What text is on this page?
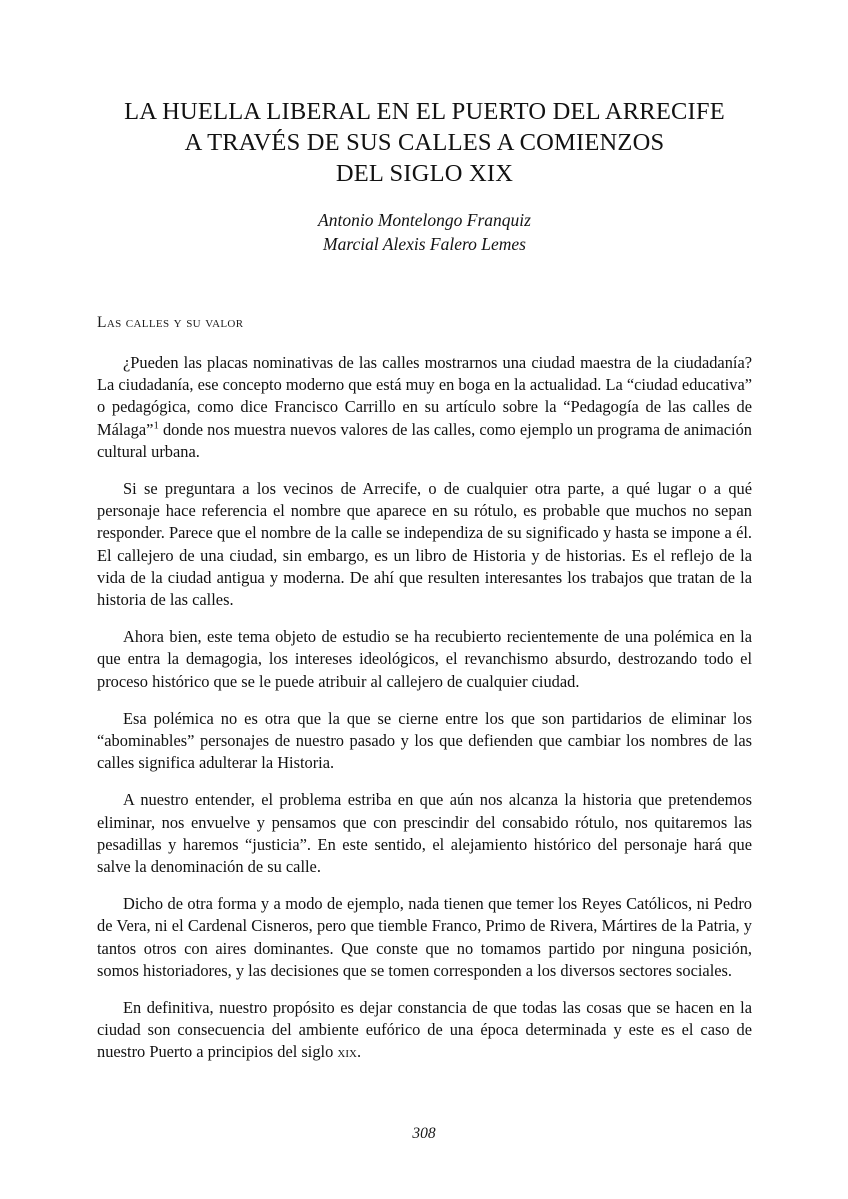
LA HUELLA LIBERAL EN EL PUERTO DEL ARRECIFE
A TRAVÉS DE SUS CALLES A COMIENZOS
DEL SIGLO XIX
Antonio Montelongo Franquiz
Marcial Alexis Falero Lemes
Las calles y su valor

¿Pueden las placas nominativas de las calles mostrarnos una ciudad maestra de la ciudadanía? La ciudadanía, ese concepto moderno que está muy en boga en la actualidad. La “ciudad educativa” o pedagógica, como dice Francisco Carrillo en su artículo sobre la “Pedagogía de las calles de Málaga”$^1$ donde nos muestra nuevos valores de las calles, como ejemplo un programa de animación cultural urbana.

Si se preguntara a los vecinos de Arrecife, o de cualquier otra parte, a qué lugar o a qué personaje hace referencia el nombre que aparece en su rótulo, es probable que muchos no sepan responder. Parece que el nombre de la calle se independiza de su significado y hasta se impone a él. El callejero de una ciudad, sin embargo, es un libro de Historia y de historias. Es el reflejo de la vida de la ciudad antigua y moderna. De ahí que resulten interesantes los trabajos que tratan de la historia de las calles.

Ahora bien, este tema objeto de estudio se ha recubierto recientemente de una polémica en la que entra la demagogia, los intereses ideológicos, el revanchismo absurdo, destrozando todo el proceso histórico que se le puede atribuir al callejero de cualquier ciudad.

Esa polémica no es otra que la que se cierne entre los que son partidarios de eliminar los “abominables” personajes de nuestro pasado y los que defienden que cambiar los nombres de las calles significa adulterar la Historia.

A nuestro entender, el problema estriba en que aún nos alcanza la historia que pretendemos eliminar, nos envuelve y pensamos que con prescindir del consabido rótulo, nos quitaremos las pesadillas y haremos “justicia”. En este sentido, el alejamiento histórico del personaje hará que salve la denominación de su calle.

Dicho de otra forma y a modo de ejemplo, nada tienen que temer los Reyes Católicos, ni Pedro de Vera, ni el Cardenal Cisneros, pero que tiemble Franco, Primo de Rivera, Mártires de la Patria, y tantos otros con aires dominantes. Que conste que no tomamos partido por ninguna posición, somos historiadores, y las decisiones que se tomen corresponden a los diversos sectores sociales.

En definitiva, nuestro propósito es dejar constancia de que todas las cosas que se hacen en la ciudad son consecuencia del ambiente eufórico de una época determinada y este es el caso de nuestro Puerto a principios del siglo xix.

308
